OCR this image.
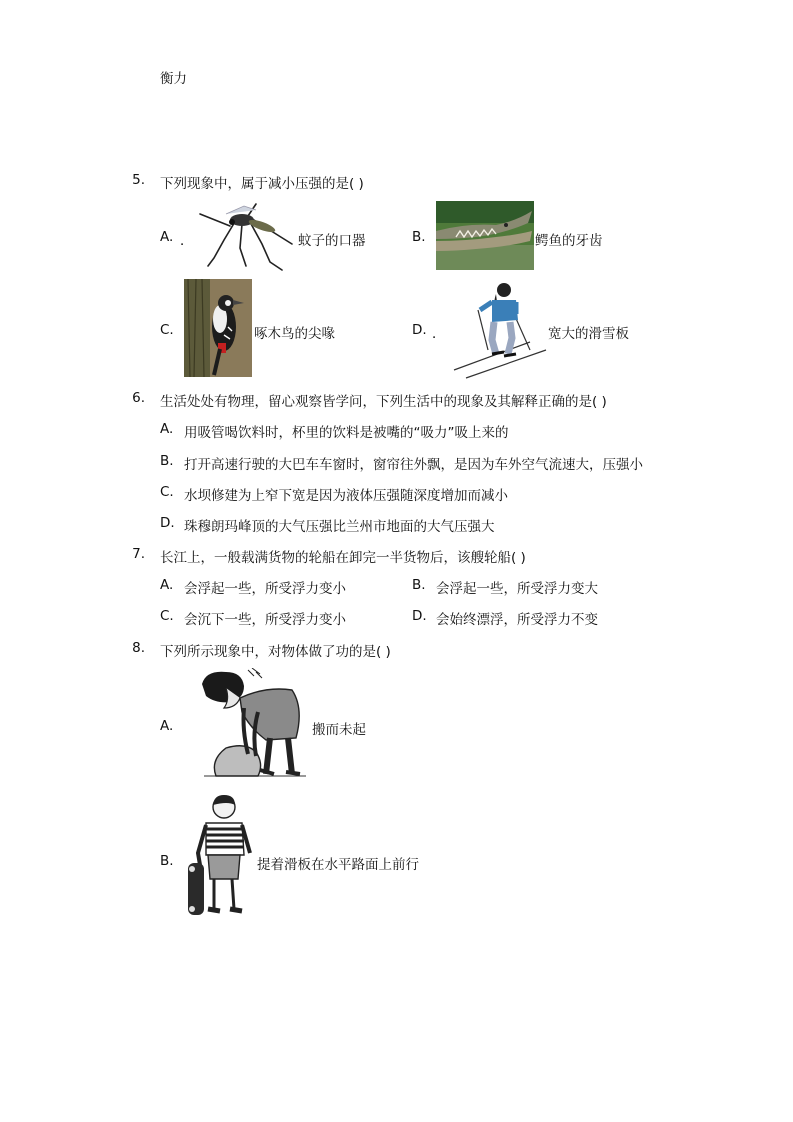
衡力
5. 下列现象中，属于减小压强的是( )
A. ．	蚊子的口器	B.	鳄鱼的牙齿
C.	啄木鸟的尖喙	D. ．	宽大的滑雪板
6. 生活处处有物理，留心观察皆学问，下列生活中的现象及其解释正确的是( )
A. 用吸管喝饮料时，杯里的饮料是被嘴的“吸力”吸上来的
B. 打开高速行驶的大巴车车窗时，窗帘往外飘，是因为车外空气流速大，压强小
C. 水坝修建为上窄下宽是因为液体压强随深度增加而减小
D. 珠穆朗玛峰顶的大气压强比兰州市地面的大气压强大
7. 长江上，一般载满货物的轮船在卸完一半货物后，该艘轮船( )
A. 会浮起一些，所受浮力变小	B. 会浮起一些，所受浮力变大
C. 会沉下一些，所受浮力变小	D. 会始终漂浮，所受浮力不变
8. 下列所示现象中，对物体做了功的是( )
A.	搬而未起
B.	提着滑板在水平路面上前行
